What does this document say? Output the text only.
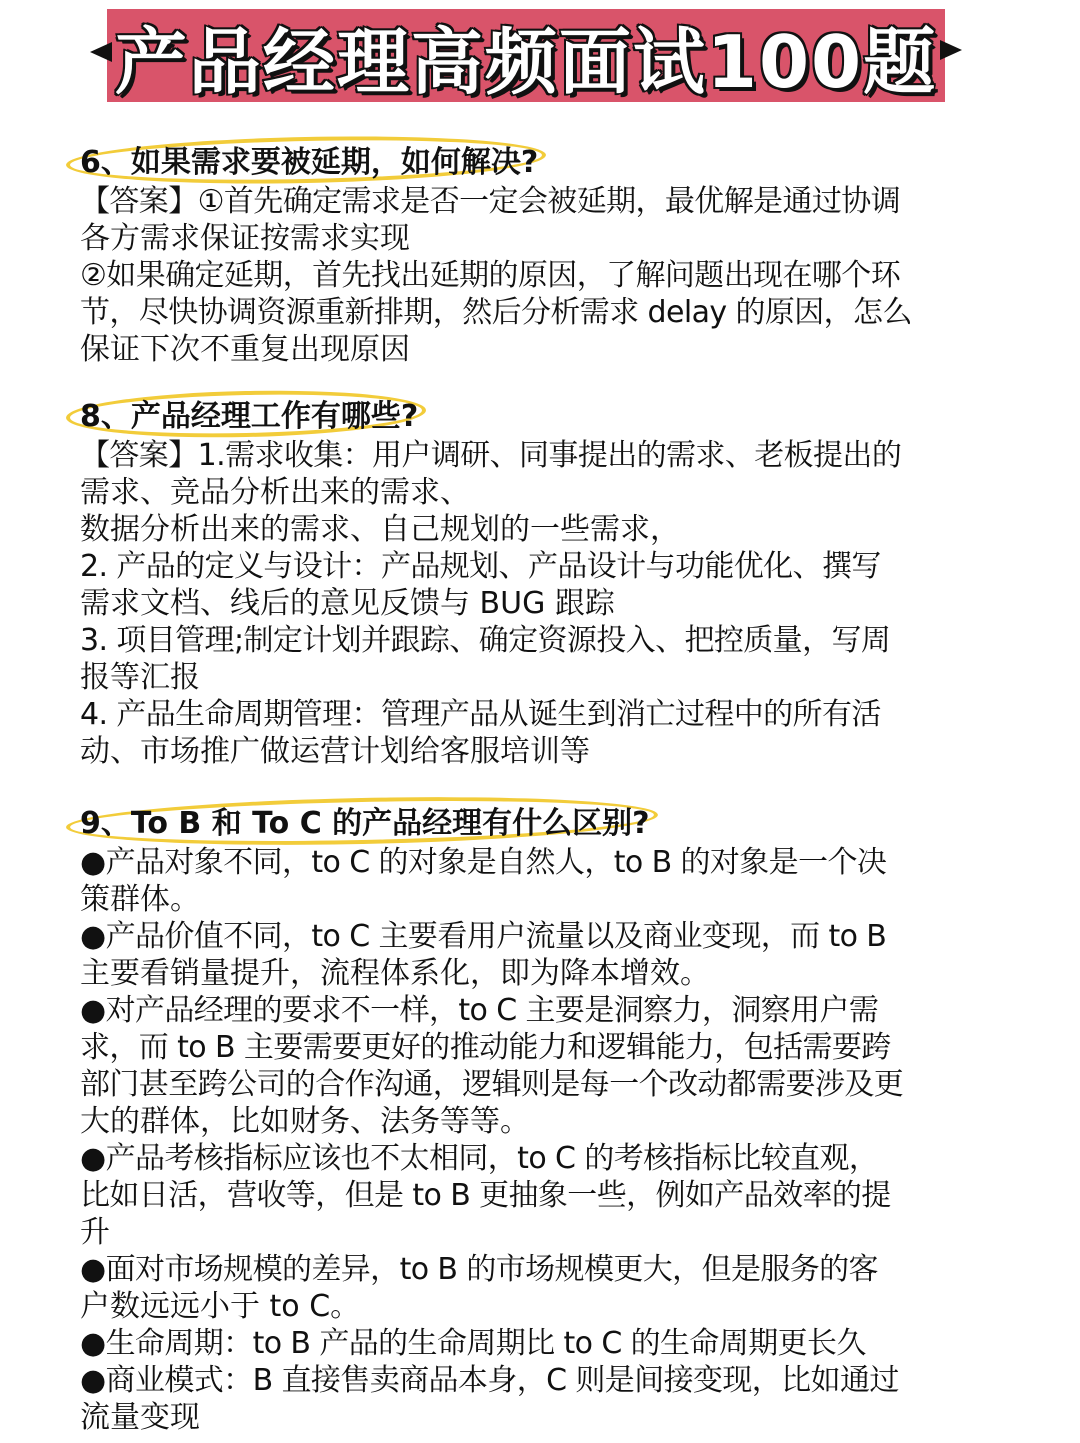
产品经理高频面试100题
6、如果需求要被延期，如何解决?
【答案】①首先确定需求是否一定会被延期，最优解是通过协调
各方需求保证按需求实现
②如果确定延期，首先找出延期的原因，了解问题出现在哪个环
节，尽快协调资源重新排期，然后分析需求 delay 的原因，怎么
保证下次不重复出现原因
8、产品经理工作有哪些?
【答案】1.需求收集：用户调研、同事提出的需求、老板提出的
需求、竞品分析出来的需求、
数据分析出来的需求、自己规划的一些需求，
2. 产品的定义与设计：产品规划、产品设计与功能优化、撰写
需求文档、线后的意见反馈与 BUG 跟踪
3. 项目管理;制定计划并跟踪、确定资源投入、把控质量，写周
报等汇报
4. 产品生命周期管理：管理产品从诞生到消亡过程中的所有活
动、市场推广做运营计划给客服培训等
9、To B 和 To C 的产品经理有什么区别?
●产品对象不同，to C 的对象是自然人，to B 的对象是一个决
策群体。
●产品价值不同，to C 主要看用户流量以及商业变现，而 to B
主要看销量提升，流程体系化，即为降本增效。
●对产品经理的要求不一样，to C 主要是洞察力，洞察用户需
求，而 to B 主要需要更好的推动能力和逻辑能力，包括需要跨
部门甚至跨公司的合作沟通，逻辑则是每一个改动都需要涉及更
大的群体，比如财务、法务等等。
●产品考核指标应该也不太相同，to C 的考核指标比较直观，
比如日活，营收等，但是 to B 更抽象一些，例如产品效率的提
升
●面对市场规模的差异，to B 的市场规模更大，但是服务的客
户数远远小于 to C。
●生命周期：to B 产品的生命周期比 to C 的生命周期更长久
●商业模式：B 直接售卖商品本身，C 则是间接变现，比如通过
流量变现
